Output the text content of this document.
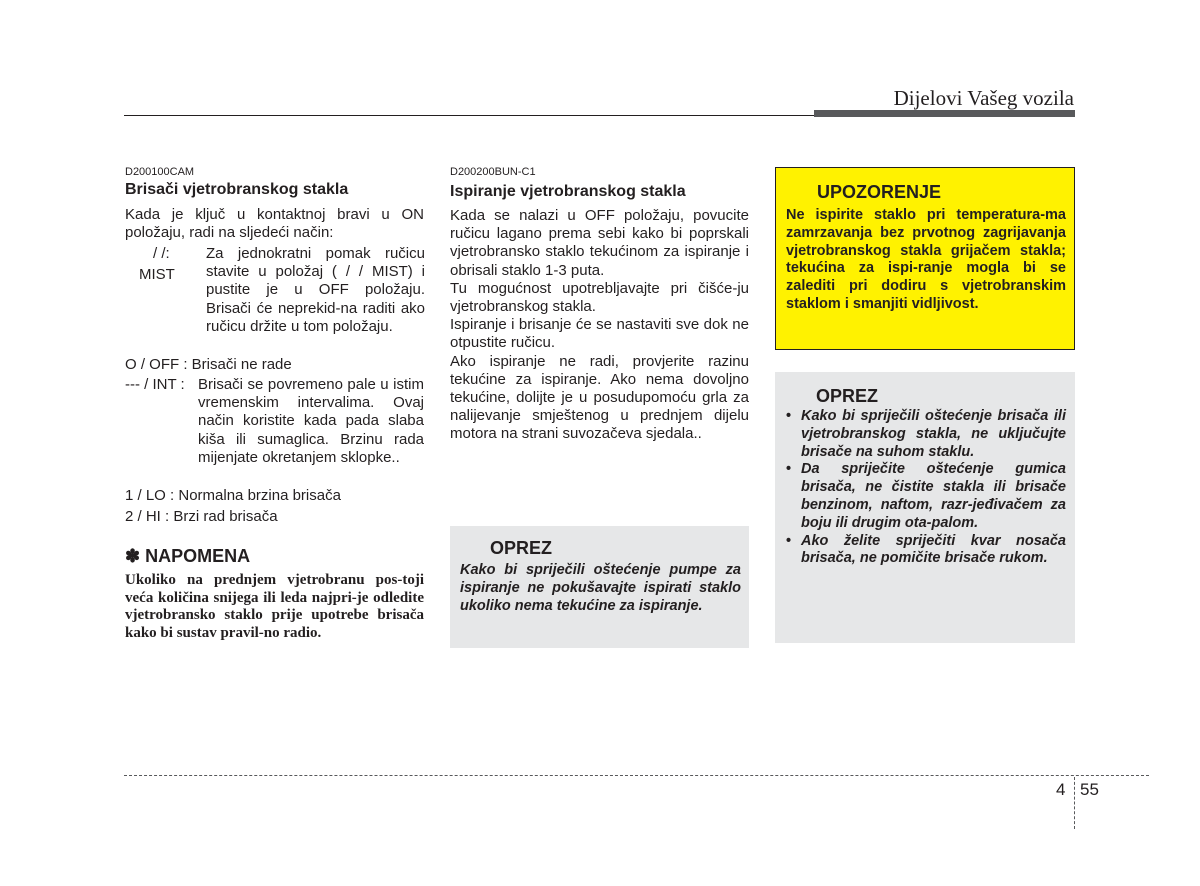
Dijelovi Vašeg vozila
D200100CAM
Brisači vjetrobranskog stakla
Kada je ključ u kontaktnoj bravi u ON položaju, radi na sljedeći način:
/ /:
MIST
Za jednokratni pomak ručicu stavite u položaj ( / / MIST) i pustite je u OFF položaju. Brisači će neprekid-na raditi ako ručicu držite u tom položaju.
O / OFF : Brisači ne rade
--- / INT : Brisači se povremeno pale u istim vremenskim intervalima. Ovaj način koristite kada pada slaba kiša ili sumaglica. Brzinu rada mijenjate okretanjem sklopke..
1 / LO : Normalna brzina brisača
2 / HI : Brzi rad brisača
✽ NAPOMENA
Ukoliko na prednjem vjetrobranu pos-toji veća količina snijega ili leda najpri-je odledite vjetrobransko staklo prije upotrebe brisača kako bi sustav pravil-no radio.
D200200BUN-C1
Ispiranje vjetrobranskog stakla
Kada se nalazi u OFF položaju, povucite ručicu lagano prema sebi kako bi poprskali vjetrobransko staklo tekućinom za ispiranje i obrisali staklo 1-3 puta.
Tu mogućnost upotrebljavajte pri čišće-ju vjetrobranskog stakla.
Ispiranje i brisanje će se nastaviti sve dok ne otpustite ručicu.
Ako ispiranje ne radi, provjerite razinu tekućine za ispiranje. Ako nema dovoljno tekućine, dolijte je u posudupomoću grla za nalijevanje smještenog u prednjem dijelu motora na strani suvozačeva sjedala..
OPREZ
Kako bi spriječili oštećenje pumpe za ispiranje ne pokušavajte ispirati staklo ukoliko nema tekućine za ispiranje.
UPOZORENJE
Ne ispirite staklo pri temperatura-ma zamrzavanja bez prvotnog zagrijavanja vjetrobranskog stakla grijačem stakla; tekućina za ispi-ranje mogla bi se zalediti pri dodiru s vjetrobranskim staklom i smanjiti vidljivost.
OPREZ
• Kako bi spriječili oštećenje brisača ili vjetrobranskog stakla, ne uključujte brisače na suhom staklu.
• Da spriječite oštećenje gumica brisača, ne čistite stakla ili brisače benzinom, naftom, razr-jeđivačem za boju ili drugim ota-palom.
• Ako želite spriječiti kvar nosača brisača, ne pomičite brisače rukom.
4 55
